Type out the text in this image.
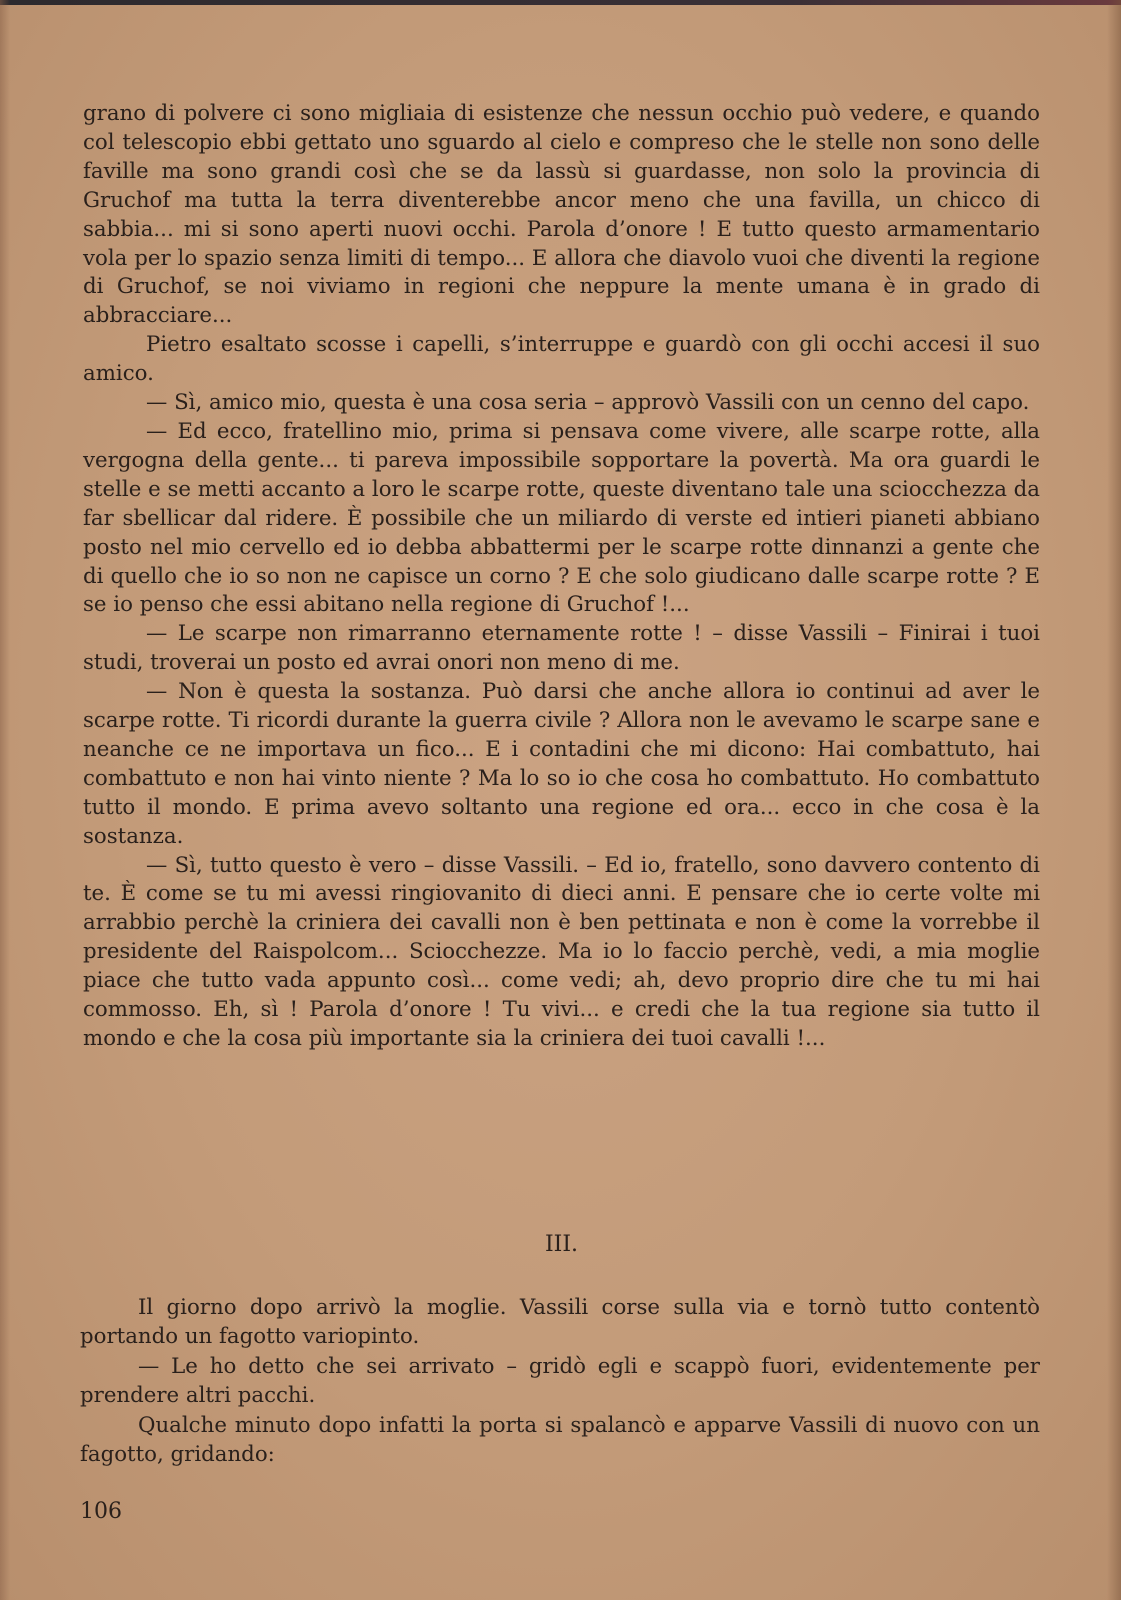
grano di polvere ci sono migliaia di esistenze che nessun occhio può vedere, e quando col telescopio ebbi gettato uno sguardo al cielo e compreso che le stelle non sono delle faville ma sono grandi così che se da lassù si guardasse, non solo la provincia di Gruchof ma tutta la terra diventerebbe ancor meno che una favilla, un chicco di sabbia... mi si sono aperti nuovi occhi. Parola d’onore ! E tutto questo armamentario vola per lo spazio senza limiti di tempo... E allora che diavolo vuoi che diventi la regione di Gruchof, se noi viviamo in regioni che neppure la mente umana è in grado di abbracciare...

Pietro esaltato scosse i capelli, s’interruppe e guardò con gli occhi accesi il suo amico.

— Sì, amico mio, questa è una cosa seria – approvò Vassili con un cenno del capo.

— Ed ecco, fratellino mio, prima si pensava come vivere, alle scarpe rotte, alla vergogna della gente... ti pareva impossibile sopportare la povertà. Ma ora guardi le stelle e se metti accanto a loro le scarpe rotte, queste diventano tale una sciocchezza da far sbellicar dal ridere. È possibile che un miliardo di verste ed intieri pianeti abbiano posto nel mio cervello ed io debba abbattermi per le scarpe rotte dinnanzi a gente che di quello che io so non ne capisce un corno ? E che solo giudicano dalle scarpe rotte ? E se io penso che essi abitano nella regione di Gruchof !...

— Le scarpe non rimarranno eternamente rotte ! – disse Vassili – Finirai i tuoi studi, troverai un posto ed avrai onori non meno di me.

— Non è questa la sostanza. Può darsi che anche allora io continui ad aver le scarpe rotte. Ti ricordi durante la guerra civile ? Allora non le avevamo le scarpe sane e neanche ce ne importava un fico... E i contadini che mi dicono: Hai combattuto, hai combattuto e non hai vinto niente ? Ma lo so io che cosa ho combattuto. Ho combattuto tutto il mondo. E prima avevo soltanto una regione ed ora... ecco in che cosa è la sostanza.

— Sì, tutto questo è vero – disse Vassili. – Ed io, fratello, sono davvero contento di te. È come se tu mi avessi ringiovanito di dieci anni. E pensare che io certe volte mi arrabbio perchè la criniera dei cavalli non è ben pettinata e non è come la vorrebbe il presidente del Raispolcom... Sciocchezze. Ma io lo faccio perchè, vedi, a mia moglie piace che tutto vada appunto così... come vedi; ah, devo proprio dire che tu mi hai commosso. Eh, sì ! Parola d’onore ! Tu vivi... e credi che la tua regione sia tutto il mondo e che la cosa più importante sia la criniera dei tuoi cavalli !...

III.

Il giorno dopo arrivò la moglie. Vassili corse sulla via e tornò tutto contentò portando un fagotto variopinto.

— Le ho detto che sei arrivato – gridò egli e scappò fuori, evidentemente per prendere altri pacchi.

Qualche minuto dopo infatti la porta si spalancò e apparve Vassili di nuovo con un fagotto, gridando:

106
